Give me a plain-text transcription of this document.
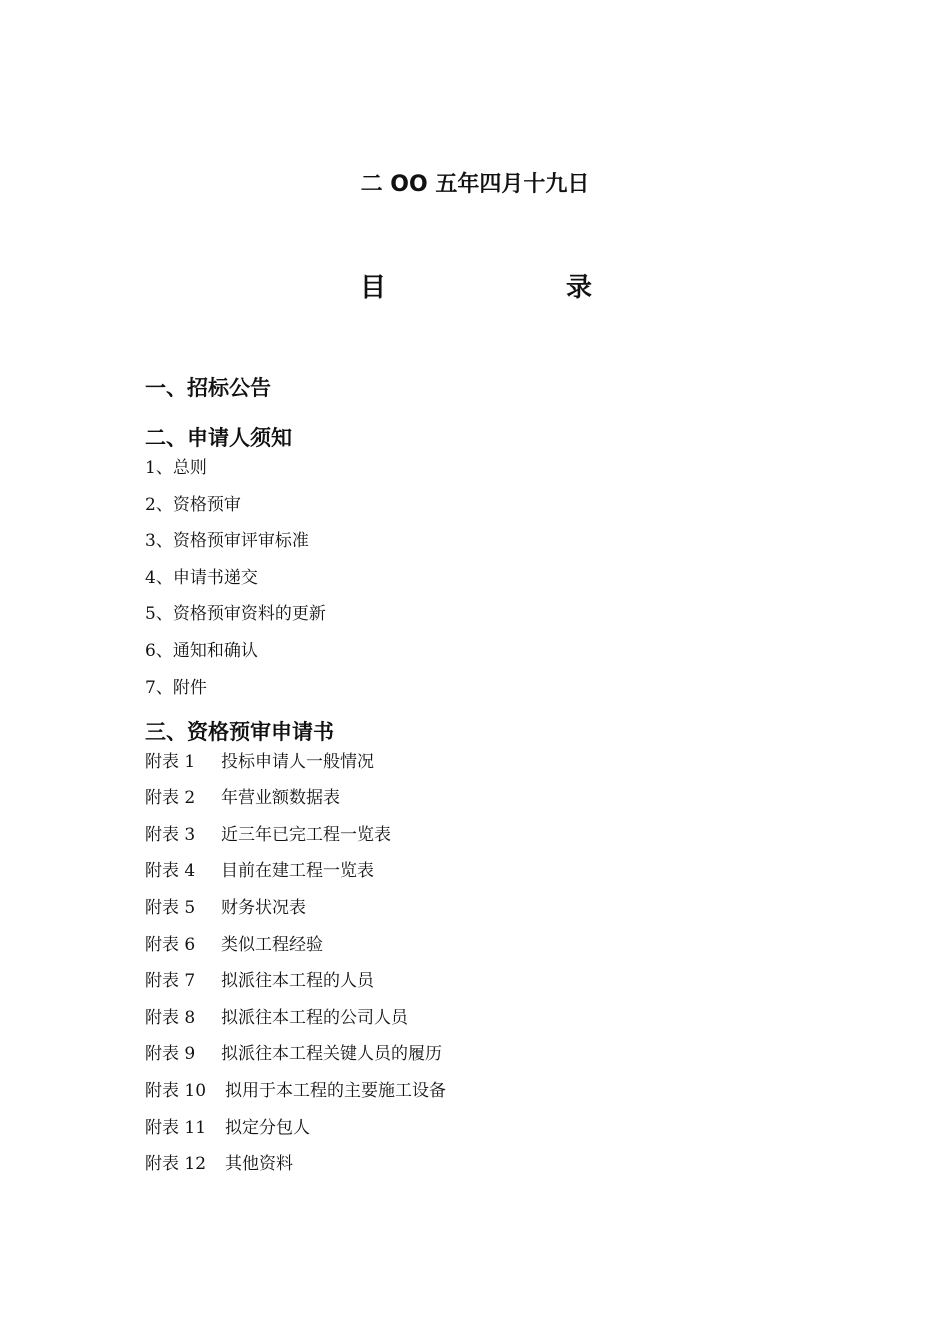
二 OO 五年四月十九日
目	录
一、招标公告
二、申请人须知
1、总则
2、资格预审
3、资格预审评审标准
4、申请书递交
5、资格预审资料的更新
6、通知和确认
7、附件
三、资格预审申请书
附表 1 投标申请人一般情况
附表 2 年营业额数据表
附表 3 近三年已完工程一览表
附表 4 目前在建工程一览表
附表 5 财务状况表
附表 6 类似工程经验
附表 7 拟派往本工程的人员
附表 8 拟派往本工程的公司人员
附表 9 拟派往本工程关键人员的履历
附表 10 拟用于本工程的主要施工设备
附表 11 拟定分包人
附表 12 其他资料
